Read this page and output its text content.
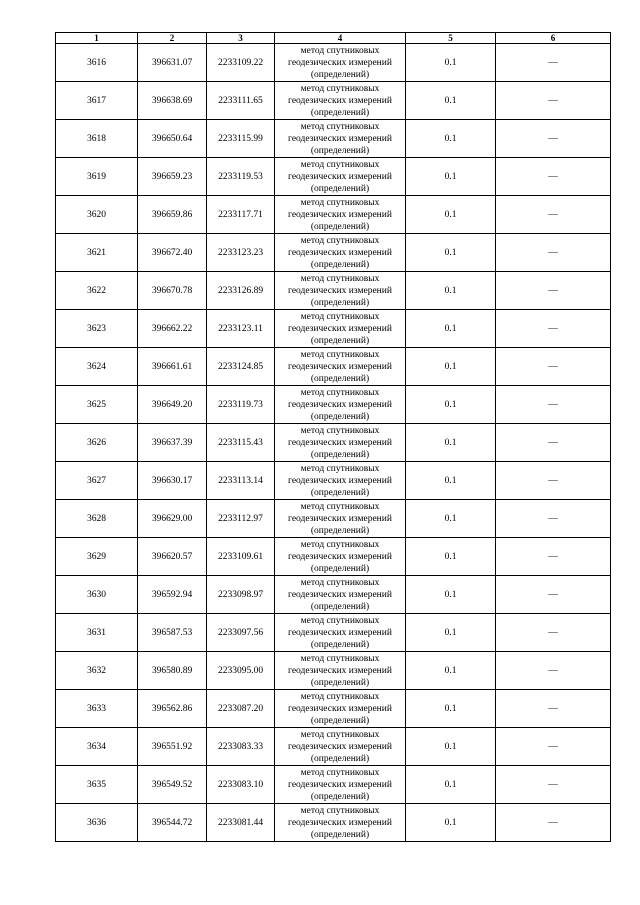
1	2	3	4	5	6
3616	396631.07	2233109.22	метод спутниковых
геодезических измерений
(определений)	0.1	—
3617	396638.69	2233111.65	метод спутниковых
геодезических измерений
(определений)	0.1	—
3618	396650.64	2233115.99	метод спутниковых
геодезических измерений
(определений)	0.1	—
3619	396659.23	2233119.53	метод спутниковых
геодезических измерений
(определений)	0.1	—
3620	396659.86	2233117.71	метод спутниковых
геодезических измерений
(определений)	0.1	—
3621	396672.40	2233123.23	метод спутниковых
геодезических измерений
(определений)	0.1	—
3622	396670.78	2233126.89	метод спутниковых
геодезических измерений
(определений)	0.1	—
3623	396662.22	2233123.11	метод спутниковых
геодезических измерений
(определений)	0.1	—
3624	396661.61	2233124.85	метод спутниковых
геодезических измерений
(определений)	0.1	—
3625	396649.20	2233119.73	метод спутниковых
геодезических измерений
(определений)	0.1	—
3626	396637.39	2233115.43	метод спутниковых
геодезических измерений
(определений)	0.1	—
3627	396630.17	2233113.14	метод спутниковых
геодезических измерений
(определений)	0.1	—
3628	396629.00	2233112.97	метод спутниковых
геодезических измерений
(определений)	0.1	—
3629	396620.57	2233109.61	метод спутниковых
геодезических измерений
(определений)	0.1	—
3630	396592.94	2233098.97	метод спутниковых
геодезических измерений
(определений)	0.1	—
3631	396587.53	2233097.56	метод спутниковых
геодезических измерений
(определений)	0.1	—
3632	396580.89	2233095.00	метод спутниковых
геодезических измерений
(определений)	0.1	—
3633	396562.86	2233087.20	метод спутниковых
геодезических измерений
(определений)	0.1	—
3634	396551.92	2233083.33	метод спутниковых
геодезических измерений
(определений)	0.1	—
3635	396549.52	2233083.10	метод спутниковых
геодезических измерений
(определений)	0.1	—
3636	396544.72	2233081.44	метод спутниковых
геодезических измерений
(определений)	0.1	—
